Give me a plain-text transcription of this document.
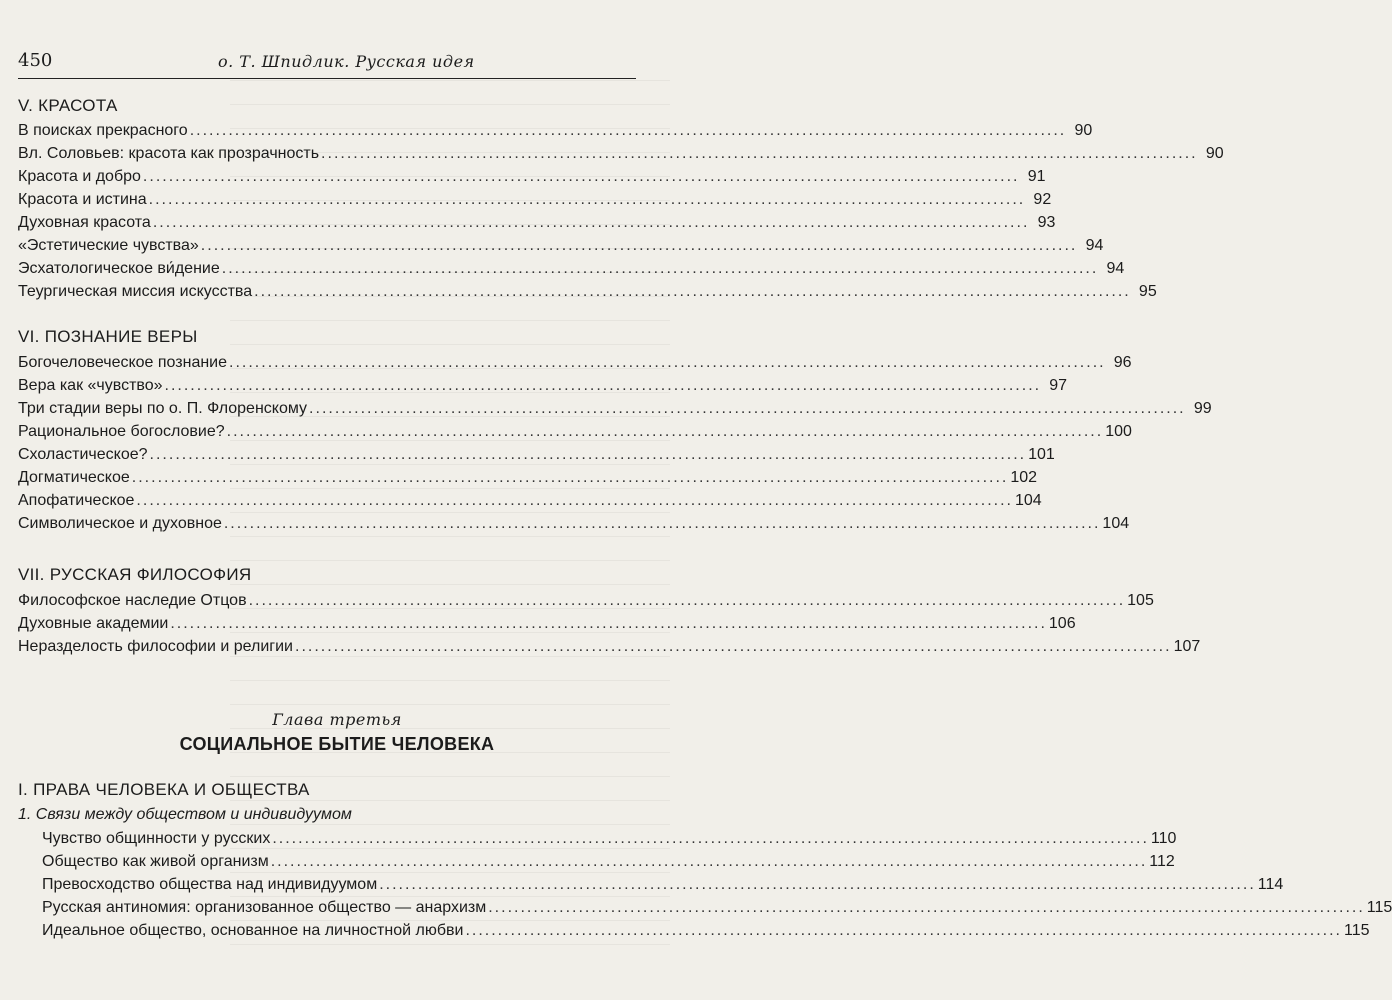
450	о. Т. Шпидлик. Русская идея
V. КРАСОТА
В поисках прекрасного ........................................................................................................................................ 90
Вл. Соловьев: красота как прозрачность ........................................................................................................................................ 90
Красота и добро ........................................................................................................................................ 91
Красота и истина ........................................................................................................................................ 92
Духовная красота ........................................................................................................................................ 93
«Эстетические чувства» ........................................................................................................................................ 94
Эсхатологическое ви́дение ........................................................................................................................................ 94
Теургическая миссия искусства ........................................................................................................................................ 95
VI. ПОЗНАНИЕ ВЕРЫ
Богочеловеческое познание ........................................................................................................................................ 96
Вера как «чувство» ........................................................................................................................................ 97
Три стадии веры по о. П. Флоренскому ........................................................................................................................................ 99
Рациональное богословие? ........................................................................................................................................ 100
Схоластическое? ........................................................................................................................................ 101
Догматическое ........................................................................................................................................ 102
Апофатическое ........................................................................................................................................ 104
Символическое и духовное ........................................................................................................................................ 104
VII. РУССКАЯ ФИЛОСОФИЯ
Философское наследие Отцов ........................................................................................................................................ 105
Духовные академии ........................................................................................................................................ 106
Неразделость философии и религии ........................................................................................................................................ 107
Глава третья
СОЦИАЛЬНОЕ БЫТИЕ ЧЕЛОВЕКА
I. ПРАВА ЧЕЛОВЕКА И ОБЩЕСТВА
1. Связи между обществом и индивидуумом
Чувство общинности у русских ........................................................................................................................................ 110
Общество как живой организм ........................................................................................................................................ 112
Превосходство общества над индивидуумом ........................................................................................................................................ 114
Русская антиномия: организованное общество — анархизм ........................................................................................................................................ 115
Идеальное общество, основанное на личностной любви ........................................................................................................................................ 115
